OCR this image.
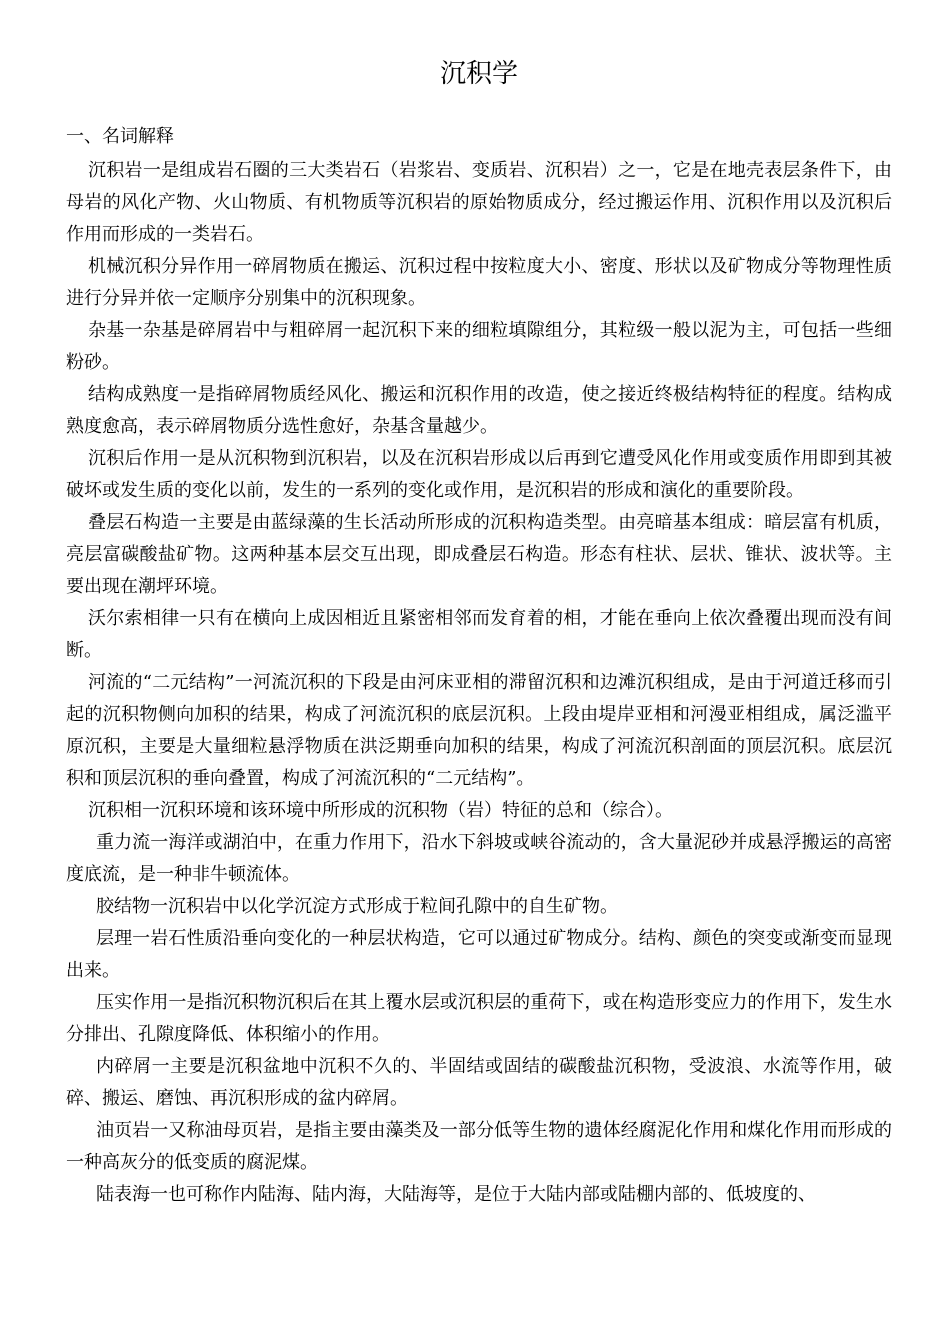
沉积学
一、名词解释

沉积岩一是组成岩石圈的三大类岩石（岩浆岩、变质岩、沉积岩）之一，它是在地壳表层条件下，由母岩的风化产物、火山物质、有机物质等沉积岩的原始物质成分，经过搬运作用、沉积作用以及沉积后作用而形成的一类岩石。

机械沉积分异作用一碎屑物质在搬运、沉积过程中按粒度大小、密度、形状以及矿物成分等物理性质进行分异并依一定顺序分别集中的沉积现象。

杂基一杂基是碎屑岩中与粗碎屑一起沉积下来的细粒填隙组分，其粒级一般以泥为主，可包括一些细粉砂。

结构成熟度一是指碎屑物质经风化、搬运和沉积作用的改造，使之接近终极结构特征的程度。结构成熟度愈高，表示碎屑物质分选性愈好，杂基含量越少。

沉积后作用一是从沉积物到沉积岩，以及在沉积岩形成以后再到它遭受风化作用或变质作用即到其被破坏或发生质的变化以前，发生的一系列的变化或作用，是沉积岩的形成和演化的重要阶段。

叠层石构造一主要是由蓝绿藻的生长活动所形成的沉积构造类型。由亮暗基本组成：暗层富有机质，亮层富碳酸盐矿物。这两种基本层交互出现，即成叠层石构造。形态有柱状、层状、锥状、波状等。主要出现在潮坪环境。

沃尔索相律一只有在横向上成因相近且紧密相邻而发育着的相，才能在垂向上依次叠覆出现而没有间断。

河流的“二元结构”一河流沉积的下段是由河床亚相的滞留沉积和边滩沉积组成，是由于河道迁移而引起的沉积物侧向加积的结果，构成了河流沉积的底层沉积。上段由堤岸亚相和河漫亚相组成，属泛滥平原沉积，主要是大量细粒悬浮物质在洪泛期垂向加积的结果，构成了河流沉积剖面的顶层沉积。底层沉积和顶层沉积的垂向叠置，构成了河流沉积的“二元结构”。

沉积相一沉积环境和该环境中所形成的沉积物（岩）特征的总和（综合）。

重力流一海洋或湖泊中，在重力作用下，沿水下斜坡或峡谷流动的，含大量泥砂并成悬浮搬运的高密度底流，是一种非牛顿流体。

胶结物一沉积岩中以化学沉淀方式形成于粒间孔隙中的自生矿物。

层理一岩石性质沿垂向变化的一种层状构造，它可以通过矿物成分。结构、颜色的突变或渐变而显现出来。

压实作用一是指沉积物沉积后在其上覆水层或沉积层的重荷下，或在构造形变应力的作用下，发生水分排出、孔隙度降低、体积缩小的作用。

内碎屑一主要是沉积盆地中沉积不久的、半固结或固结的碳酸盐沉积物，受波浪、水流等作用，破碎、搬运、磨蚀、再沉积形成的盆内碎屑。

油页岩一又称油母页岩，是指主要由藻类及一部分低等生物的遗体经腐泥化作用和煤化作用而形成的一种高灰分的低变质的腐泥煤。

陆表海一也可称作内陆海、陆内海，大陆海等，是位于大陆内部或陆棚内部的、低坡度的、
